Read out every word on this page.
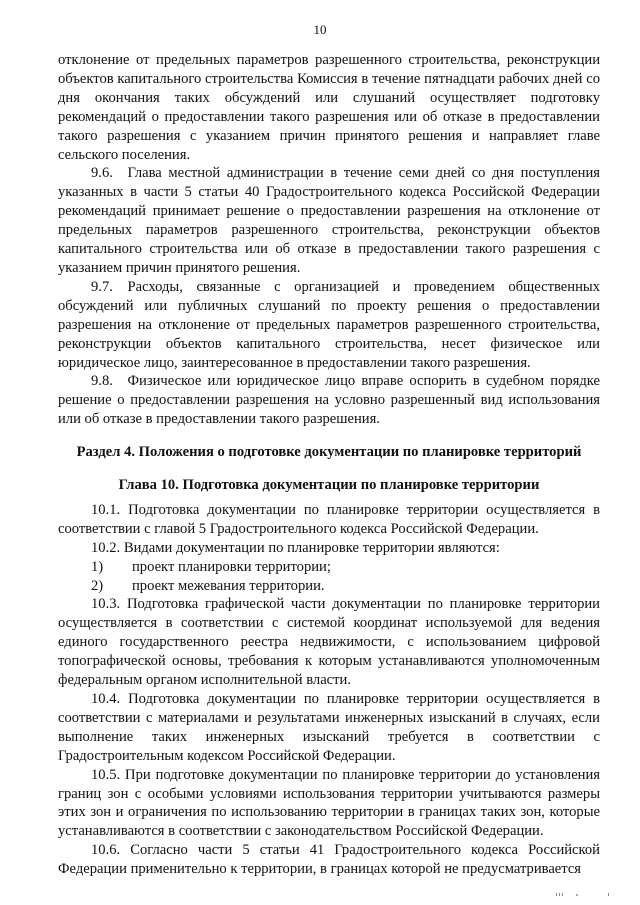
10

отклонение от предельных параметров разрешенного строительства, реконструкции объектов капитального строительства Комиссия в течение пятнадцати рабочих дней со дня окончания таких обсуждений или слушаний осуществляет подготовку рекомендаций о предоставлении такого разрешения или об отказе в предоставлении такого разрешения с указанием причин принятого решения и направляет главе сельского поселения.

9.6. Глава местной администрации в течение семи дней со дня поступления указанных в части 5 статьи 40 Градостроительного кодекса Российской Федерации рекомендаций принимает решение о предоставлении разрешения на отклонение от предельных параметров разрешенного строительства, реконструкции объектов капитального строительства или об отказе в предоставлении такого разрешения с указанием причин принятого решения.

9.7. Расходы, связанные с организацией и проведением общественных обсуждений или публичных слушаний по проекту решения о предоставлении разрешения на отклонение от предельных параметров разрешенного строительства, реконструкции объектов капитального строительства, несет физическое или юридическое лицо, заинтересованное в предоставлении такого разрешения.

9.8. Физическое или юридическое лицо вправе оспорить в судебном порядке решение о предоставлении разрешения на условно разрешенный вид использования или об отказе в предоставлении такого разрешения.

Раздел 4. Положения о подготовке документации по планировке территорий
Глава 10. Подготовка документации по планировке территории

10.1. Подготовка документации по планировке территории осуществляется в соответствии с главой 5 Градостроительного кодекса Российской Федерации.

10.2. Видами документации по планировке территории являются:

1)	проект планировки территории;
2)	проект межевания территории.

10.3. Подготовка графической части документации по планировке территории осуществляется в соответствии с системой координат используемой для ведения единого государственного реестра недвижимости, с использованием цифровой топографической основы, требования к которым устанавливаются уполномоченным федеральным органом исполнительной власти.

10.4. Подготовка документации по планировке территории осуществляется в соответствии с материалами и результатами инженерных изысканий в случаях, если выполнение таких инженерных изысканий требуется в соответствии с Градостроительным кодексом Российской Федерации.

10.5. При подготовке документации по планировке территории до установления границ зон с особыми условиями использования территории учитываются размеры этих зон и ограничения по использованию территории в границах таких зон, которые устанавливаются в соответствии с законодательством Российской Федерации.

10.6. Согласно части 5 статьи 41 Градостроительного кодекса Российской Федерации применительно к территории, в границах которой не предусматривается
